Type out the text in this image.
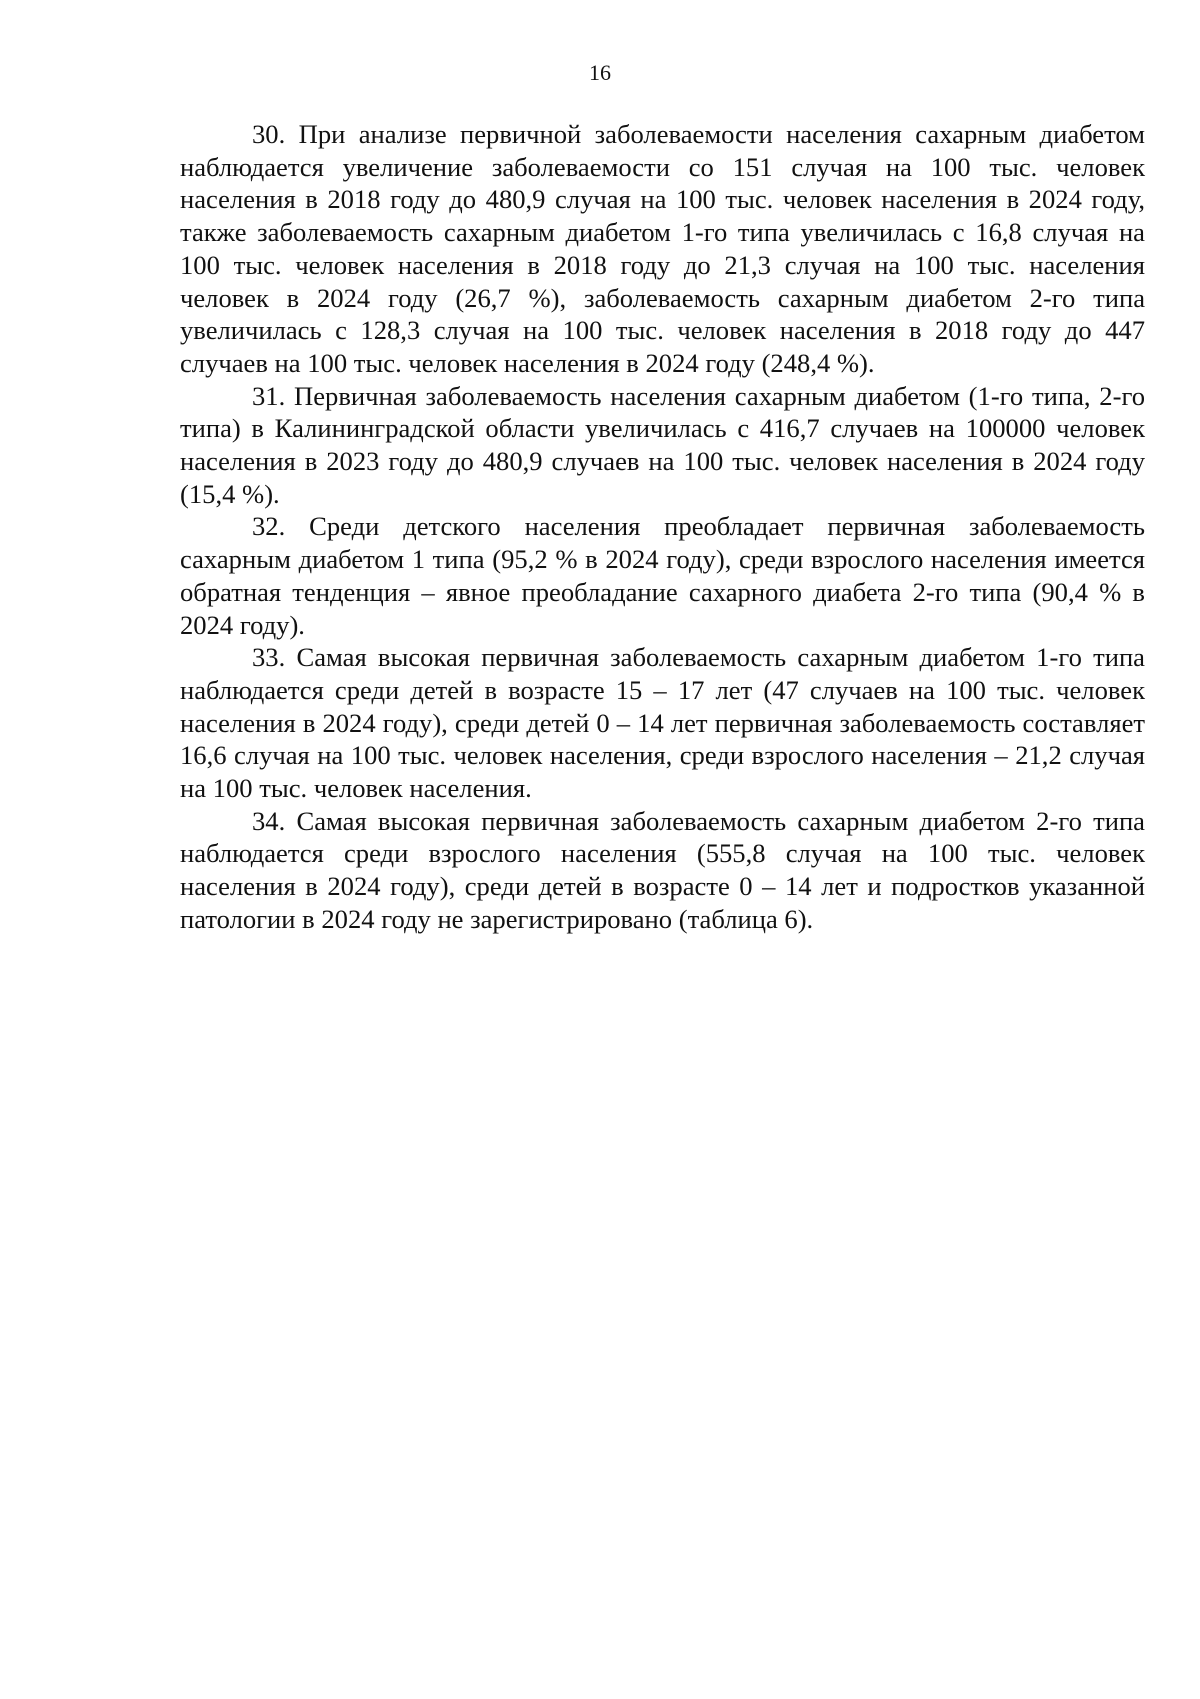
16

30. При анализе первичной заболеваемости населения сахарным диабетом наблюдается увеличение заболеваемости со 151 случая на 100 тыс. человек населения в 2018 году до 480,9 случая на 100 тыс. человек населения в 2024 году, также заболеваемость сахарным диабетом 1-го типа увеличилась с 16,8 случая на 100 тыс. человек населения в 2018 году до 21,3 случая на 100 тыс. населения человек в 2024 году (26,7 %), заболеваемость сахарным диабетом 2-го типа увеличилась с 128,3 случая на 100 тыс. человек населения в 2018 году до 447 случаев на 100 тыс. человек населения в 2024 году (248,4 %).

31. Первичная заболеваемость населения сахарным диабетом (1-го типа, 2-го типа) в Калининградской области увеличилась с 416,7 случаев на 100000 человек населения в 2023 году до 480,9 случаев на 100 тыс. человек населения в 2024 году (15,4 %).

32. Среди детского населения преобладает первичная заболеваемость сахарным диабетом 1 типа (95,2 % в 2024 году), среди взрослого населения имеется обратная тенденция – явное преобладание сахарного диабета 2-го типа (90,4 % в 2024 году).

33. Самая высокая первичная заболеваемость сахарным диабетом 1-го типа наблюдается среди детей в возрасте 15 – 17 лет (47 случаев на 100 тыс. человек населения в 2024 году), среди детей 0 – 14 лет первичная заболеваемость составляет 16,6 случая на 100 тыс. человек населения, среди взрослого населения – 21,2 случая на 100 тыс. человек населения.

34. Самая высокая первичная заболеваемость сахарным диабетом 2-го типа наблюдается среди взрослого населения (555,8 случая на 100 тыс. человек населения в 2024 году), среди детей в возрасте 0 – 14 лет и подростков указанной патологии в 2024 году не зарегистрировано (таблица 6).
